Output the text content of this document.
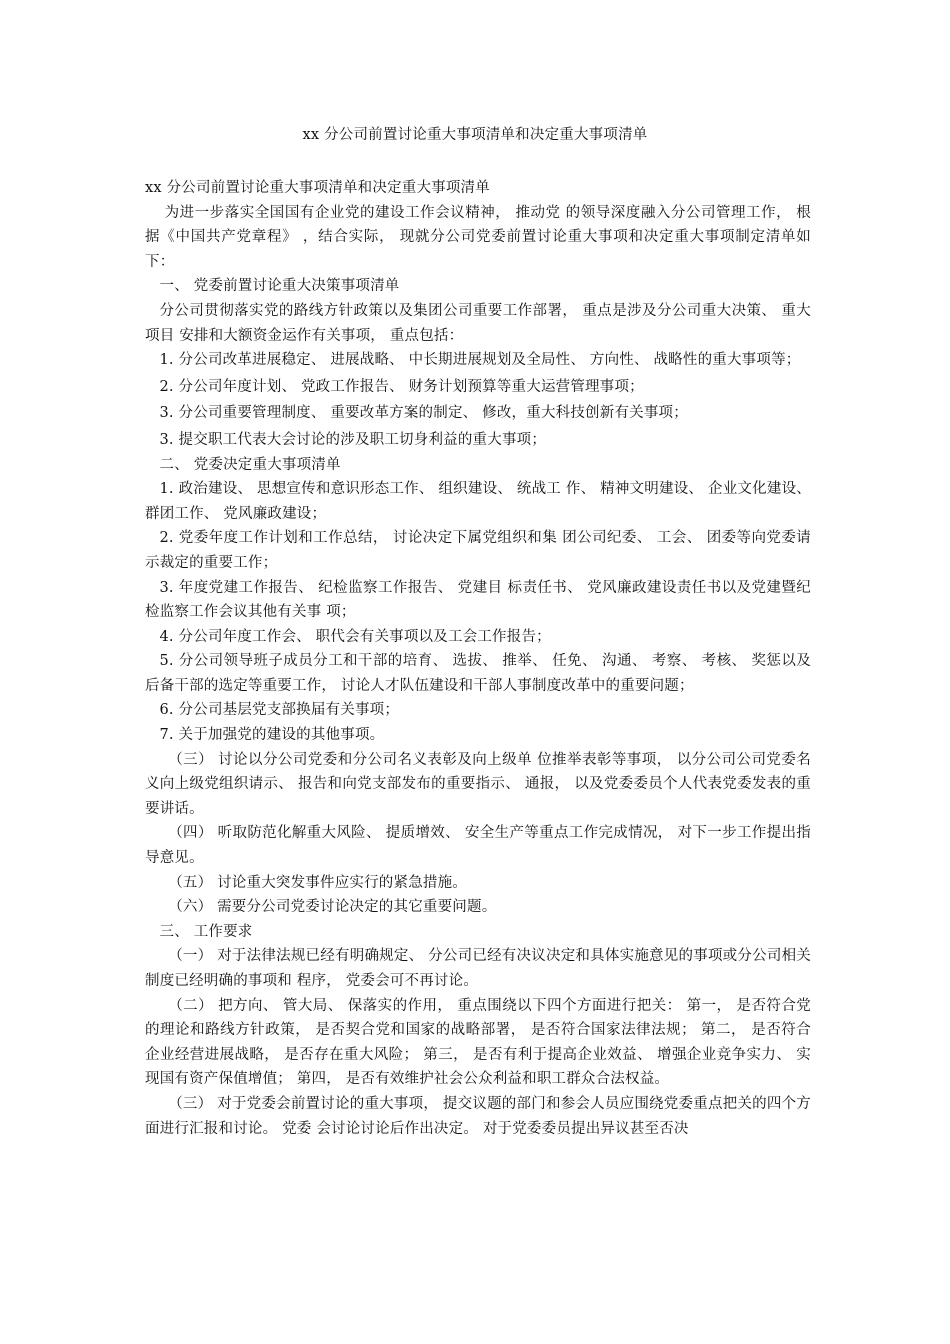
xx 分公司前置讨论重大事项清单和决定重大事项清单

xx 分公司前置讨论重大事项清单和决定重大事项清单

为进一步落实全国国有企业党的建设工作会议精神， 推动党 的领导深度融入分公司管理工作， 根据《中国共产党章程》 ，结合实际， 现就分公司党委前置讨论重大事项和决定重大事项制定清单如下：

一、 党委前置讨论重大决策事项清单

分公司贯彻落实党的路线方针政策以及集团公司重要工作部署， 重点是涉及分公司重大决策、 重大项目 安排和大额资金运作有关事项， 重点包括：

1. 分公司改革进展稳定、 进展战略、 中长期进展规划及全局性、 方向性、 战略性的重大事项等；

2. 分公司年度计划、 党政工作报告、 财务计划预算等重大运营管理事项；

3. 分公司重要管理制度、 重要改革方案的制定、 修改，重大科技创新有关事项；

3. 提交职工代表大会讨论的涉及职工切身利益的重大事项；

二、 党委决定重大事项清单

1. 政治建设、 思想宣传和意识形态工作、 组织建设、 统战工 作、 精神文明建设、 企业文化建设、 群团工作、 党风廉政建设；

2. 党委年度工作计划和工作总结， 讨论决定下属党组织和集 团公司纪委、 工会、 团委等向党委请示裁定的重要工作；

3. 年度党建工作报告、 纪检监察工作报告、 党建目 标责任书、 党风廉政建设责任书以及党建暨纪检监察工作会议其他有关事 项；

4. 分公司年度工作会、 职代会有关事项以及工会工作报告；

5. 分公司领导班子成员分工和干部的培育、 选拔、 推举、 任免、 沟通、 考察、 考核、 奖惩以及后备干部的选定等重要工作， 讨论人才队伍建设和干部人事制度改革中的重要问题；

6. 分公司基层党支部换届有关事项；

7. 关于加强党的建设的其他事项。

（三） 讨论以分公司党委和分公司名义表彰及向上级单 位推举表彰等事项， 以分公司公司党委名义向上级党组织请示、 报告和向党支部发布的重要指示、 通报， 以及党委委员个人代表党委发表的重要讲话。

（四） 听取防范化解重大风险、 提质增效、 安全生产等重点工作完成情况， 对下一步工作提出指导意见。

（五） 讨论重大突发事件应实行的紧急措施。

（六） 需要分公司党委讨论决定的其它重要问题。

三、 工作要求

（一） 对于法律法规已经有明确规定、 分公司已经有决议决定和具体实施意见的事项或分公司相关制度已经明确的事项和 程序， 党委会可不再讨论。

（二） 把方向、 管大局、 保落实的作用， 重点围绕以下四个方面进行把关： 第一， 是否符合党的理论和路线方针政策， 是否契合党和国家的战略部署， 是否符合国家法律法规； 第二， 是否符合企业经营进展战略， 是否存在重大风险； 第三， 是否有利于提高企业效益、 增强企业竞争实力、 实现国有资产保值增值； 第四， 是否有效维护社会公众利益和职工群众合法权益。

（三） 对于党委会前置讨论的重大事项， 提交议题的部门和参会人员应围绕党委重点把关的四个方面进行汇报和讨论。 党委 会讨论讨论后作出决定。 对于党委委员提出异议甚至否决
